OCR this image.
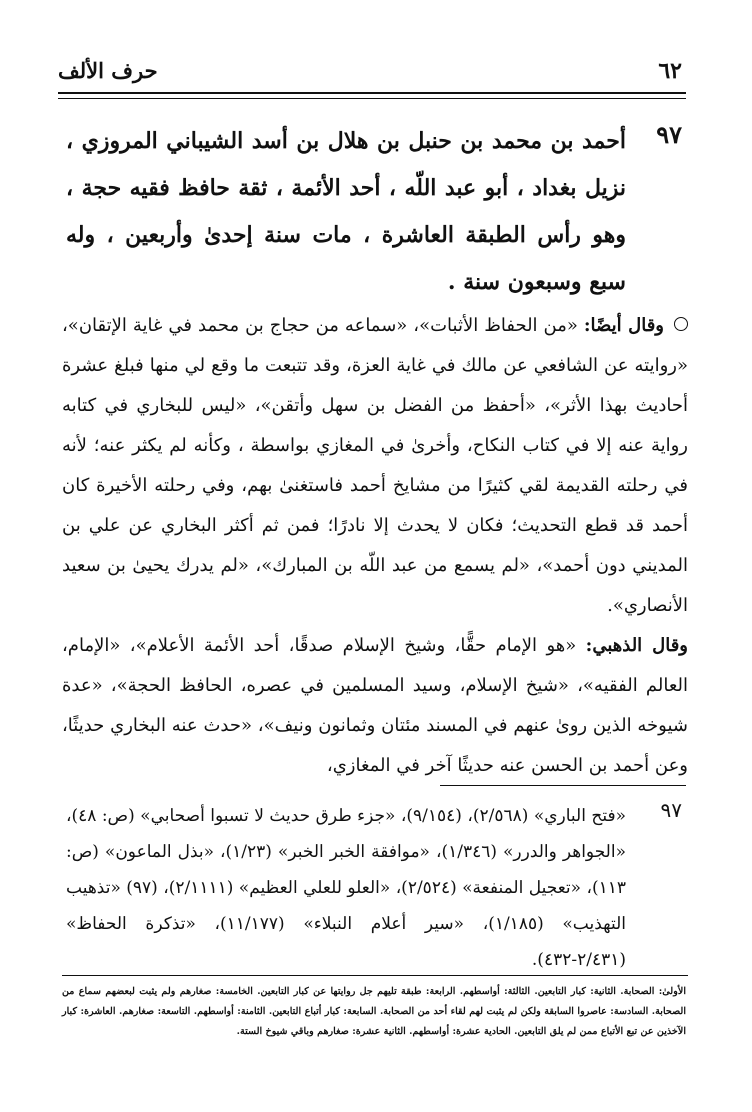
٦٢
حرف الألف
٩٧
أحمد بن محمد بن حنبل بن هلال بن أسد الشيباني المروزي ، نزيل بغداد ، أبو عبد اللّه ، أحد الأئمة ، ثقة حافظ فقيه حجة ، وهو رأس الطبقة العاشرة ، مات سنة إحدىٰ وأربعين ، وله سبع وسبعون سنة .

وقال أيضًا: «من الحفاظ الأثبات»، «سماعه من حجاج بن محمد في غاية الإتقان»، «روايته عن الشافعي عن مالك في غاية العزة، وقد تتبعت ما وقع لي منها فبلغ عشرة أحاديث بهذا الأثر»، «أحفظ من الفضل بن سهل وأتقن»، «ليس للبخاري في كتابه رواية عنه إلا في كتاب النكاح، وأخرىٰ في المغازي بواسطة ، وكأنه لم يكثر عنه؛ لأنه في رحلته القديمة لقي كثيرًا من مشايخ أحمد فاستغنىٰ بهم، وفي رحلته الأخيرة كان أحمد قد قطع التحديث؛ فكان لا يحدث إلا نادرًا؛ فمن ثم أكثر البخاري عن علي بن المديني دون أحمد»، «لم يسمع من عبد اللّه بن المبارك»، «لم يدرك يحيىٰ بن سعيد الأنصاري».

وقال الذهبي: «هو الإمام حقًّا، وشيخ الإسلام صدقًا، أحد الأئمة الأعلام»، «الإمام، العالم الفقيه»، «شيخ الإسلام، وسيد المسلمين في عصره، الحافظ الحجة»، «عدة شيوخه الذين روىٰ عنهم في المسند مئتان وثمانون ونيف»، «حدث عنه البخاري حديثًا، وعن أحمد بن الحسن عنه حديثًا آخر في المغازي،

٩٧
«فتح الباري» (٢/٥٦٨)، (٩/١٥٤)، «جزء طرق حديث لا تسبوا أصحابي» (ص: ٤٨)، «الجواهر والدرر» (١/٣٤٦)، «موافقة الخبر الخبر» (١/٢٣)، «بذل الماعون» (ص: ١١٣)، «تعجيل المنفعة» (٢/٥٢٤)، «العلو للعلي العظيم» (٢/١١١١)، (٩٧) «تذهيب التهذيب» (١/١٨٥)، «سير أعلام النبلاء» (١١/١٧٧)، «تذكرة الحفاظ» (٢/٤٣١-٤٣٢).
الأولىٰ: الصحابة. الثانية: كبار التابعين. الثالثة: أواسطهم. الرابعة: طبقة تليهم جل روايتها عن كبار التابعين. الخامسة: صغارهم ولم يثبت لبعضهم سماع من الصحابة. السادسة: عاصروا السابقة ولكن لم يثبت لهم لقاء أحد من الصحابة. السابعة: كبار أتباع التابعين. الثامنة: أواسطهم. التاسعة: صغارهم. العاشرة: كبار الآخذين عن تبع الأتباع ممن لم يلق التابعين. الحادية عشرة: أواسطهم. الثانية عشرة: صغارهم وباقي شيوخ الستة.
